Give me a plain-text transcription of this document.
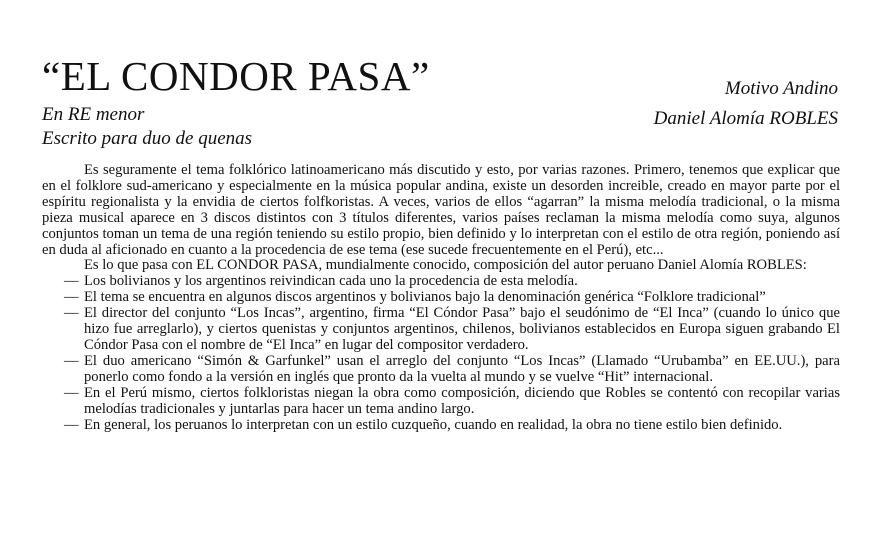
“EL CONDOR PASA”	Motivo Andino
En RE menor	Daniel Alomía ROBLES
Escrito para duo de quenas

Es seguramente el tema folklórico latinoamericano más discutido y esto, por varias razones. Primero, tenemos que explicar que en el folklore sud-americano y especialmente en la música popular andina, existe un desorden increible, creado en mayor parte por el espíritu regionalista y la envidia de ciertos folfkoristas. A veces, varios de ellos “agarran” la misma melodía tradicional, o la misma pieza musical aparece en 3 discos distintos con 3 títulos diferentes, varios países reclaman la misma melodía como suya, algunos conjuntos toman un tema de una región teniendo su estilo propio, bien definido y lo interpretan con el estilo de otra región, poniendo así en duda al aficionado en cuanto a la procedencia de ese tema (ese sucede frecuentemente en el Perú), etc...

Es lo que pasa con EL CONDOR PASA, mundialmente conocido, composición del autor peruano Daniel Alomía ROBLES:

— Los bolivianos y los argentinos reivindican cada uno la procedencia de esta melodía.
— El tema se encuentra en algunos discos argentinos y bolivianos bajo la denominación genérica “Folklore tradicional”
— El director del conjunto “Los Incas”, argentino, firma “El Cóndor Pasa” bajo el seudónimo de “El Inca” (cuando lo único que hizo fue arreglarlo), y ciertos quenistas y conjuntos argentinos, chilenos, bolivianos establecidos en Europa siguen grabando El Cóndor Pasa con el nombre de “El Inca” en lugar del compositor verdadero.
— El duo americano “Simón & Garfunkel” usan el arreglo del conjunto “Los Incas” (Llamado “Urubamba” en EE.UU.), para ponerlo como fondo a la versión en inglés que pronto da la vuelta al mundo y se vuelve “Hit” internacional.
— En el Perú mismo, ciertos folkloristas niegan la obra como composición, diciendo que Robles se contentó con recopilar varias melodías tradicionales y juntarlas para hacer un tema andino largo.
— En general, los peruanos lo interpretan con un estilo cuzqueño, cuando en realidad, la obra no tiene estilo bien definido.
